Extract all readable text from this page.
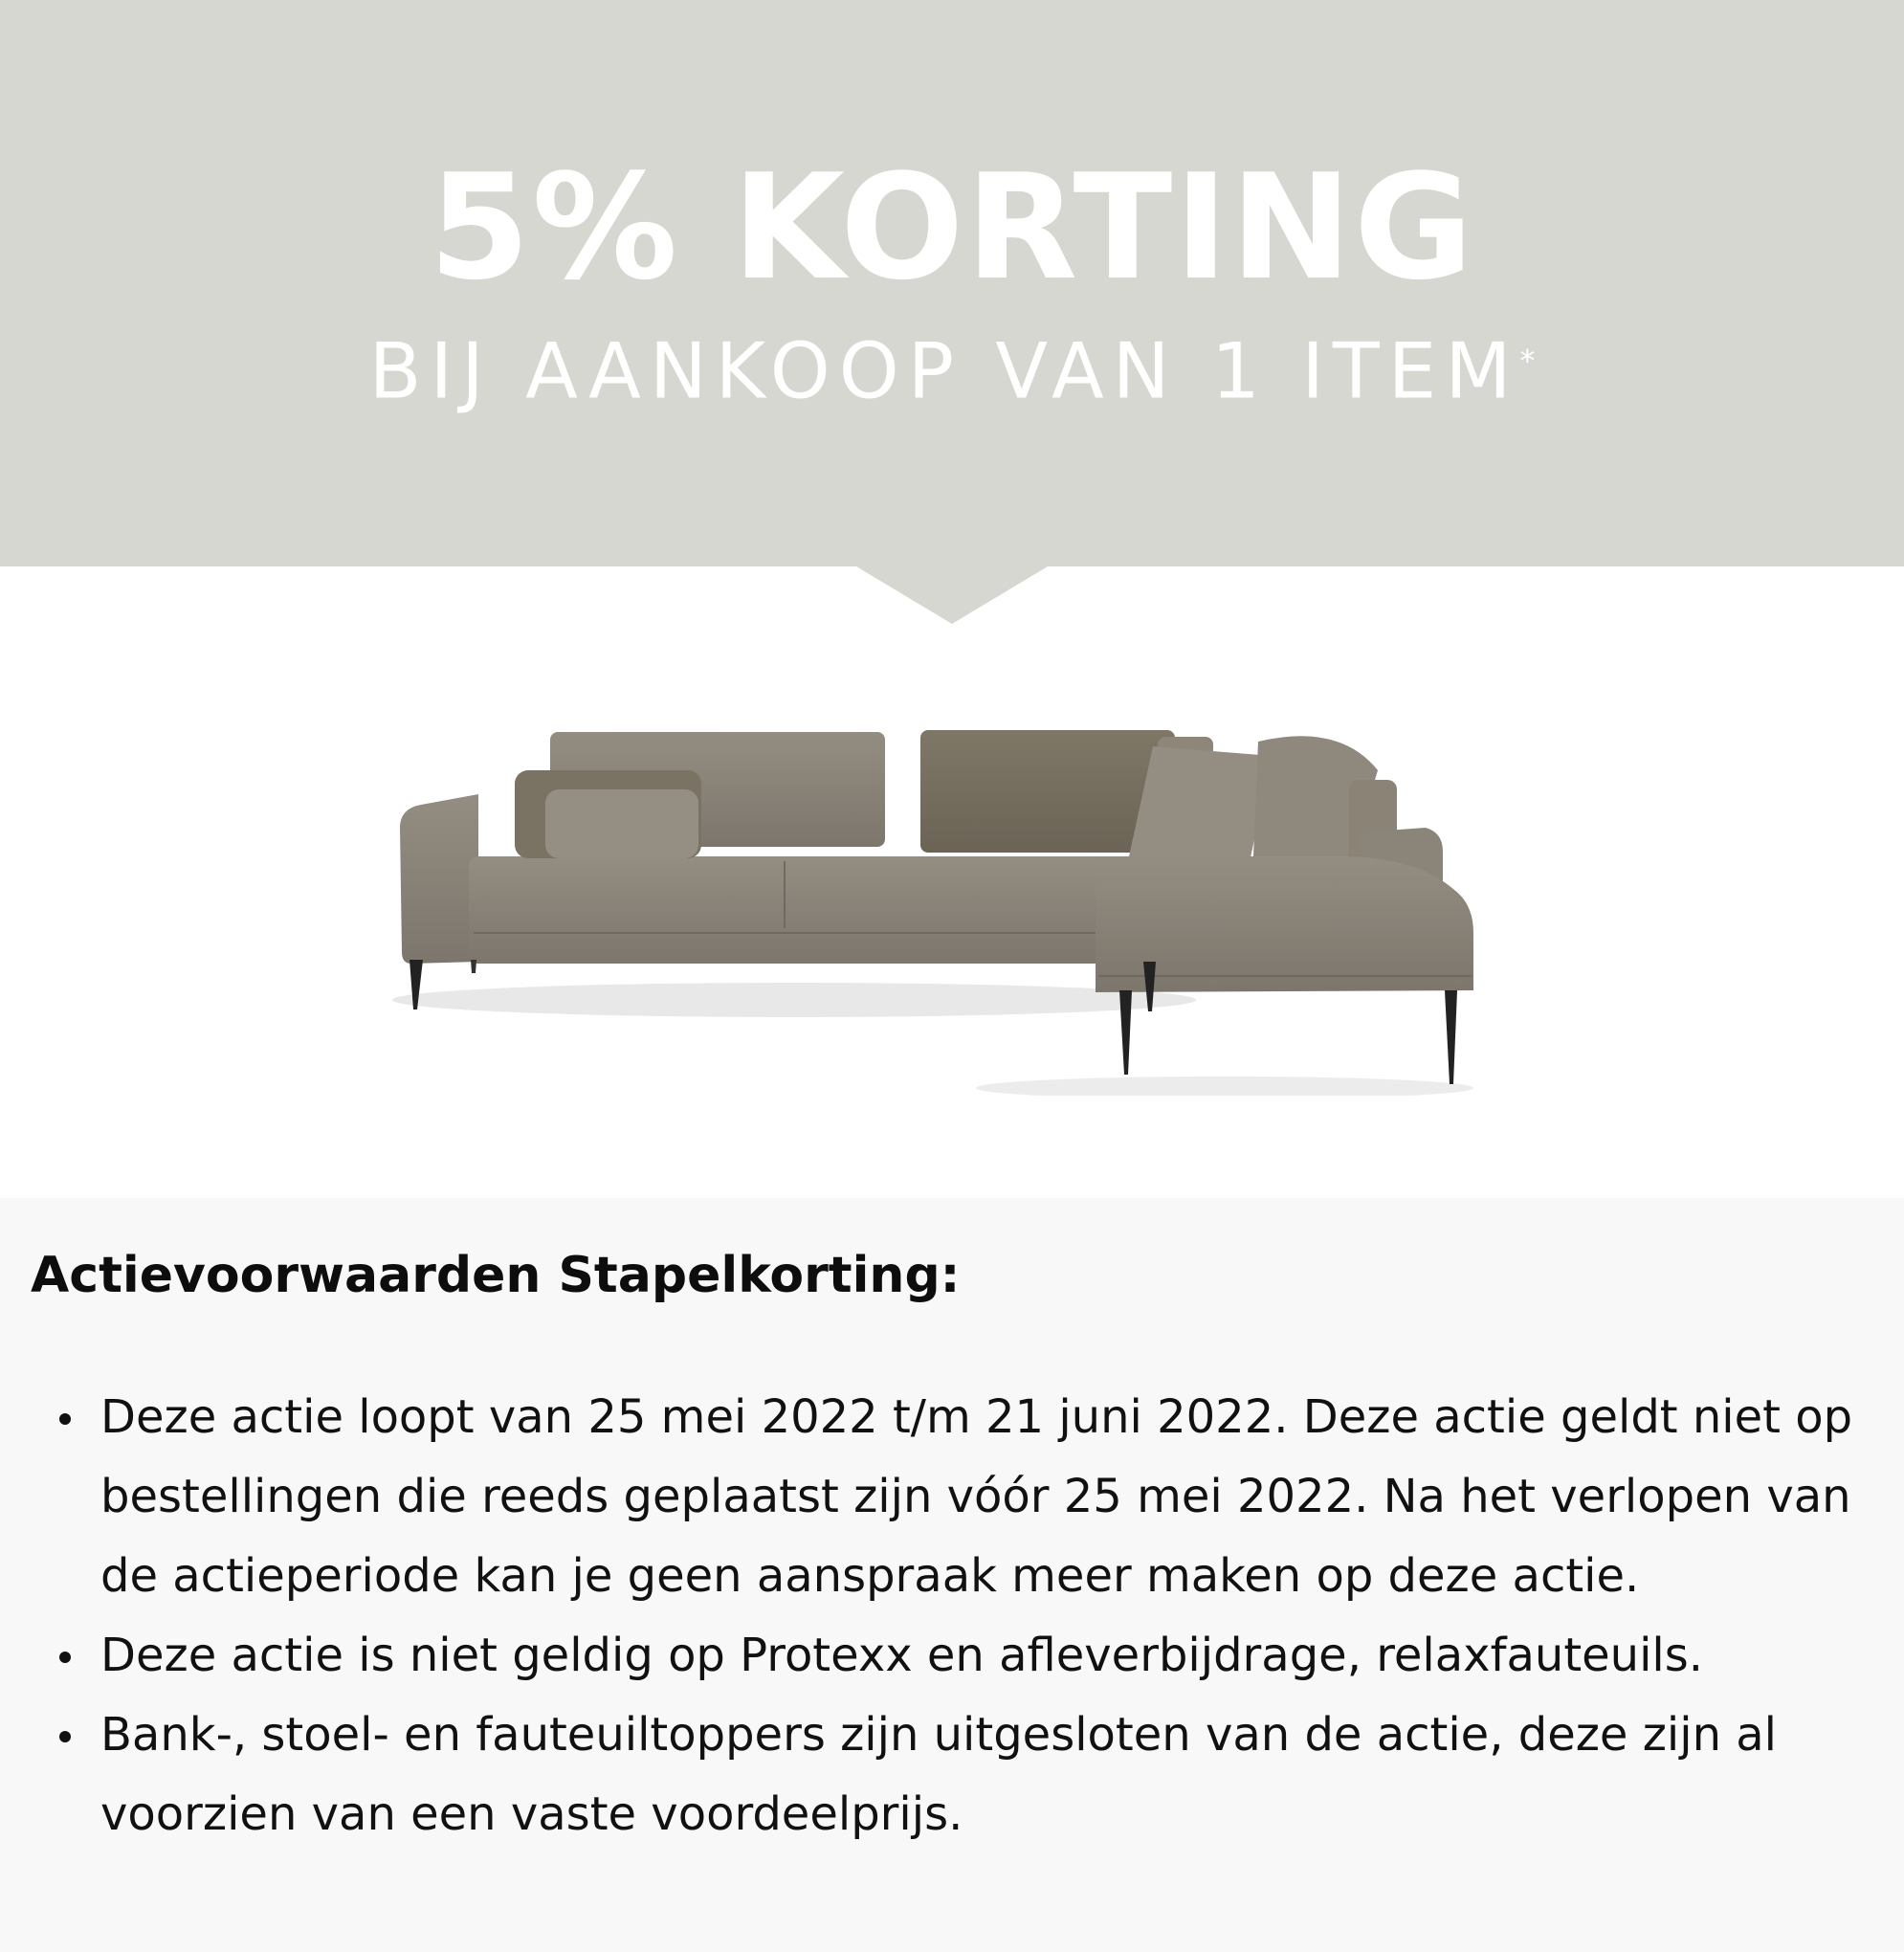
5% KORTING
BIJ AANKOOP VAN 1 ITEM*
Actievoorwaarden Stapelkorting:
Deze actie loopt van 25 mei 2022 t/m 21 juni 2022. Deze actie geldt niet op bestellingen die reeds geplaatst zijn vóór 25 mei 2022. Na het verlopen van de actieperiode kan je geen aanspraak meer maken op deze actie.
Deze actie is niet geldig op Protexx en afleverbijdrage, relaxfauteuils.
Bank-, stoel- en fauteuiltoppers zijn uitgesloten van de actie, deze zijn al voorzien van een vaste voordeelprijs.
